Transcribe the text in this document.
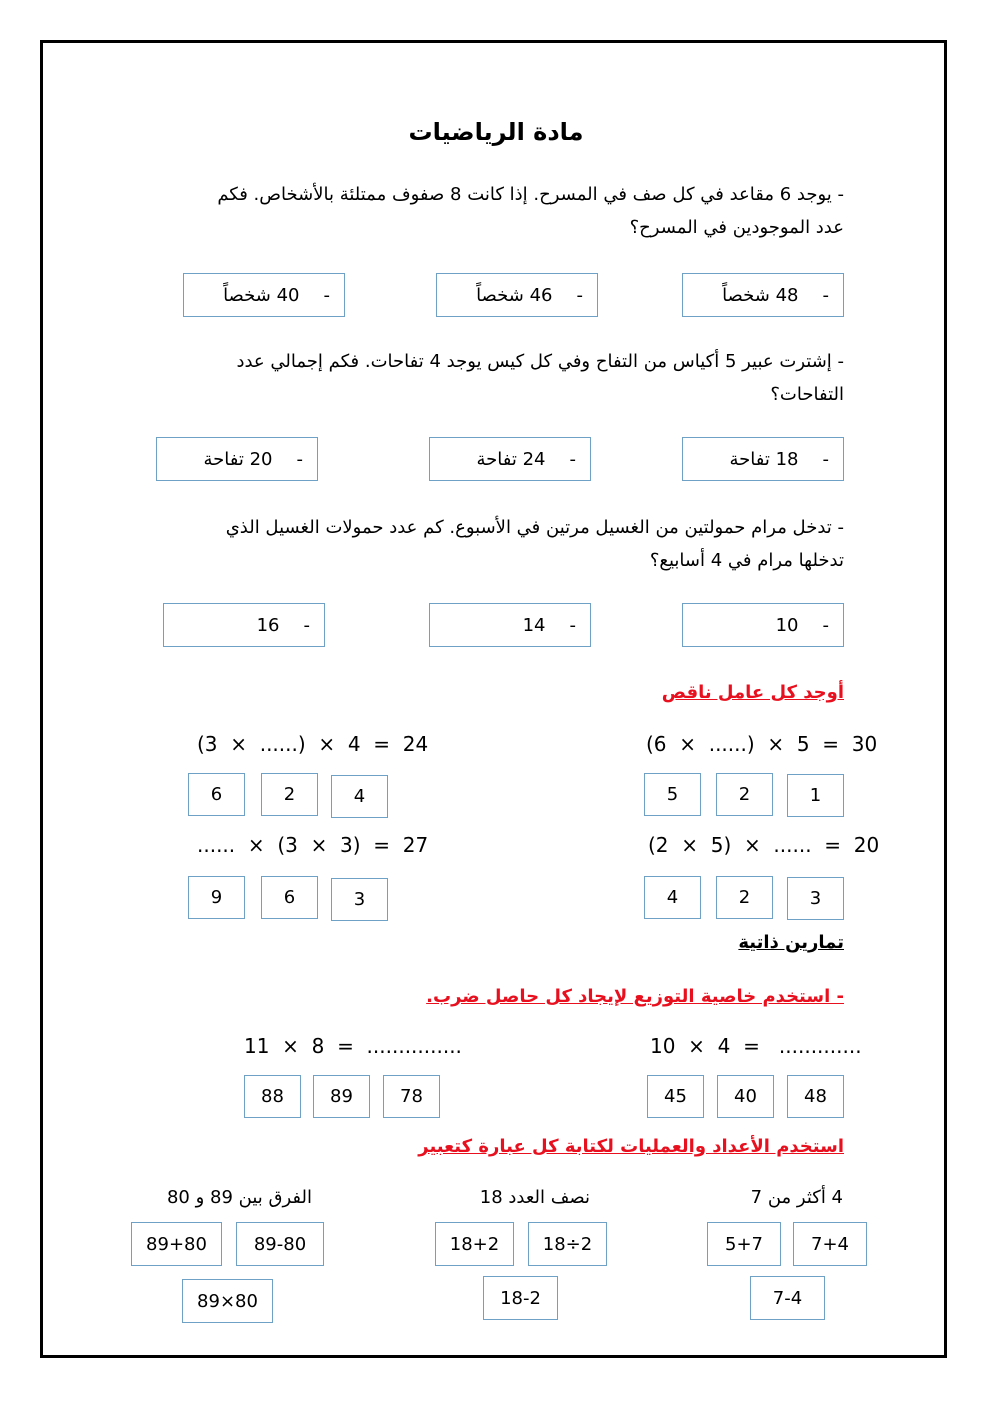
مادة الرياضيات
- يوجد 6 مقاعد في كل صف في المسرح. إذا كانت 8 صفوف ممتلئة بالأشخاص. فكم عدد الموجودين في المسرح؟
-
48 شخصاً
-
46 شخصاً
-
40 شخصاً
- إشترت عبير 5 أكياس من التفاح وفي كل كيس يوجد 4 تفاحات. فكم إجمالي عدد التفاحات؟
-
18 تفاحة
-
24 تفاحة
-
20 تفاحة
- تدخل مرام حمولتين من الغسيل مرتين في الأسبوع. كم عدد حمولات الغسيل الذي تدخلها مرام في 4 أسابيع؟
-
10
-
14
-
16
أوجد كل عامل ناقص
(6  ×  ......)  ×  5  =  30
1
2
5
(3  ×  ......)  ×  4  =  24
4
2
6
(2  ×  5)  ×  ......  =  20
3
2
4
......  ×  (3  ×  3)  =  27
3
6
9
تمارين ذاتية
- استخدم خاصية التوزيع لإيجاد كل حاصل ضرب.
10  ×  4  =   .............
48
40
45
11  ×  8  =  ...............
78
89
88
استخدم الأعداد والعمليات لكتابة كل عبارة كتعبير
4 أكثر من 7
7+4
5+7
7-4
نصف العدد 18
18÷2
18+2
18-2
الفرق بين 89 و 80
89-80
89+80
89×80
